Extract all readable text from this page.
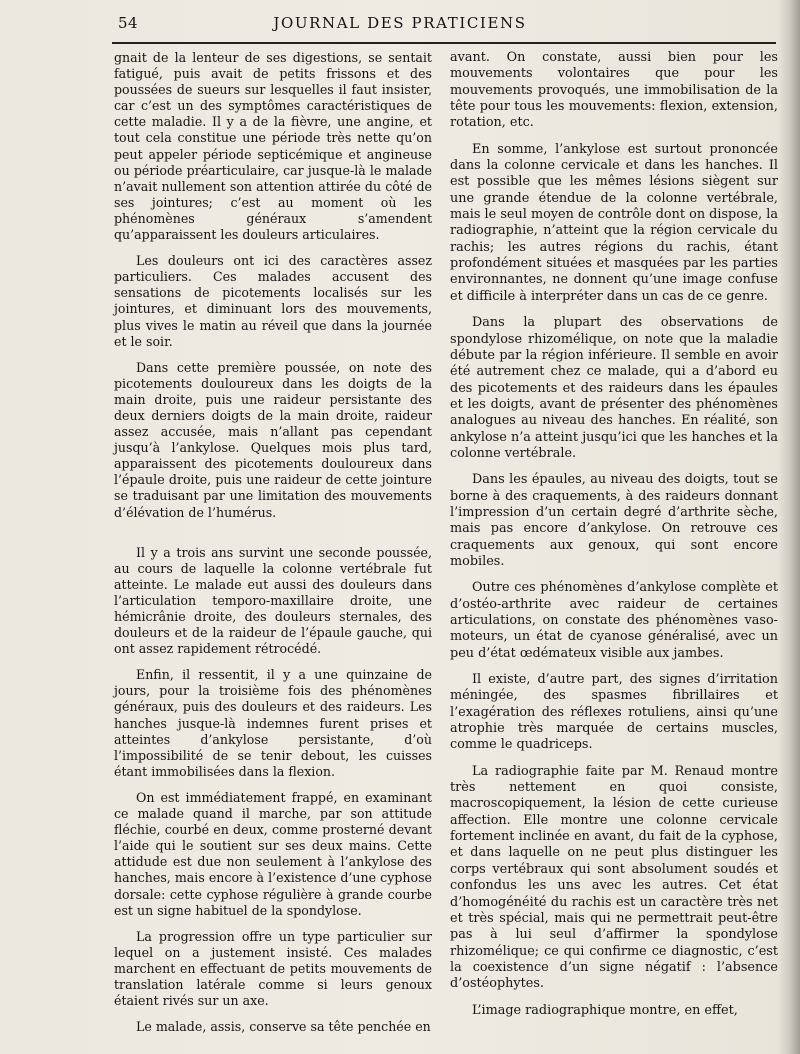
54	JOURNAL DES PRATICIENS

gnait de la lenteur de ses digestions, se sentait fatigué, puis avait de petits frissons et des poussées de sueurs sur lesquelles il faut insister, car c’est un des symptômes caractéristiques de cette maladie. Il y a de la fièvre, une angine, et tout cela constitue une période très nette qu’on peut appeler période septicémique et angineuse ou période préarticulaire, car jusque-là le malade n’avait nullement son attention attirée du côté de ses jointures; c’est au moment où les phénomènes généraux s’amendent qu’apparaissent les douleurs articulaires.

Les douleurs ont ici des caractères assez particuliers. Ces malades accusent des sensations de picotements localisés sur les jointures, et diminuant lors des mouvements, plus vives le matin au réveil que dans la journée et le soir.

Dans cette première poussée, on note des picotements douloureux dans les doigts de la main droite, puis une raideur persistante des deux derniers doigts de la main droite, raideur assez accusée, mais n’allant pas cependant jusqu’à l’ankylose. Quelques mois plus tard, apparaissent des picotements douloureux dans l’épaule droite, puis une raideur de cette jointure se traduisant par une limitation des mouvements d’élévation de l’humérus.

Il y a trois ans survint une seconde poussée, au cours de laquelle la colonne vertébrale fut atteinte. Le malade eut aussi des douleurs dans l’articulation temporo-maxillaire droite, une hémicrânie droite, des douleurs sternales, des douleurs et de la raideur de l’épaule gauche, qui ont assez rapidement rétrocédé.

Enfin, il ressentit, il y a une quinzaine de jours, pour la troisième fois des phénomènes généraux, puis des douleurs et des raideurs. Les hanches jusque-là indemnes furent prises et atteintes d’ankylose persistante, d’où l’impossibilité de se tenir debout, les cuisses étant immobilisées dans la flexion.

On est immédiatement frappé, en examinant ce malade quand il marche, par son attitude fléchie, courbé en deux, comme prosterné devant l’aide qui le soutient sur ses deux mains. Cette attidude est due non seulement à l’ankylose des hanches, mais encore à l’existence d’une cyphose dorsale: cette cyphose régulière à grande courbe est un signe habituel de la spondylose.

La progression offre un type particulier sur lequel on a justement insisté. Ces malades marchent en effectuant de petits mouvements de translation latérale comme si leurs genoux étaient rivés sur un axe.

Le malade, assis, conserve sa tête penchée en

avant. On constate, aussi bien pour les mouvements volontaires que pour les mouvements provoqués, une immobilisation de la tête pour tous les mouvements: flexion, extension, rotation, etc.

En somme, l’ankylose est surtout prononcée dans la colonne cervicale et dans les hanches. Il est possible que les mêmes lésions siègent sur une grande étendue de la colonne vertébrale, mais le seul moyen de contrôle dont on dispose, la radiographie, n’atteint que la région cervicale du rachis; les autres régions du rachis, étant profondément situées et masquées par les parties environnantes, ne donnent qu’une image confuse et difficile à interpréter dans un cas de ce genre.

Dans la plupart des observations de spondylose rhizomélique, on note que la maladie débute par la région inférieure. Il semble en avoir été autrement chez ce malade, qui a d’abord eu des picotements et des raideurs dans les épaules et les doigts, avant de présenter des phénomènes analogues au niveau des hanches. En réalité, son ankylose n’a atteint jusqu’ici que les hanches et la colonne vertébrale.

Dans les épaules, au niveau des doigts, tout se borne à des craquements, à des raideurs donnant l’impression d’un certain degré d’arthrite sèche, mais pas encore d’ankylose. On retrouve ces craquements aux genoux, qui sont encore mobiles.

Outre ces phénomènes d’ankylose complète et d’ostéo-arthrite avec raideur de certaines articulations, on constate des phénomènes vaso-moteurs, un état de cyanose généralisé, avec un peu d’état œdémateux visible aux jambes.

Il existe, d’autre part, des signes d’irritation méningée, des spasmes fibrillaires et l’exagération des réflexes rotuliens, ainsi qu’une atrophie très marquée de certains muscles, comme le quadriceps.

La radiographie faite par M. Renaud montre très nettement en quoi consiste, macroscopiquement, la lésion de cette curieuse affection. Elle montre une colonne cervicale fortement inclinée en avant, du fait de la cyphose, et dans laquelle on ne peut plus distinguer les corps vertébraux qui sont absolument soudés et confondus les uns avec les autres. Cet état d’homogénéité du rachis est un caractère très net et très spécial, mais qui ne permettrait peut-être pas à lui seul d’affirmer la spondylose rhizomélique; ce qui confirme ce diagnostic, c’est la coexistence d’un signe négatif : l’absence d’ostéophytes.

L’image radiographique montre, en effet,
